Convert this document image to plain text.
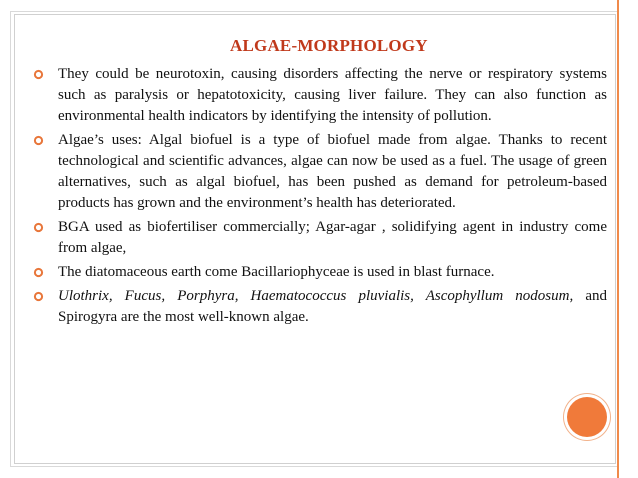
ALGAE-MORPHOLOGY
They could be neurotoxin, causing disorders affecting the nerve or respiratory systems such as paralysis or hepatotoxicity, causing liver failure. They can also function as environmental health indicators by identifying the intensity of pollution.
Algae’s uses: Algal biofuel is a type of biofuel made from algae. Thanks to recent technological and scientific advances, algae can now be used as a fuel. The usage of green alternatives, such as algal biofuel, has been pushed as demand for petroleum-based products has grown and the environment’s health has deteriorated.
BGA used as biofertiliser commercially; Agar-agar , solidifying agent in industry come from algae,
The diatomaceous earth come Bacillariophyceae is used in blast furnace.
Ulothrix, Fucus, Porphyra, Haematococcus pluvialis, Ascophyllum nodosum, and Spirogyra are the most well-known algae.
